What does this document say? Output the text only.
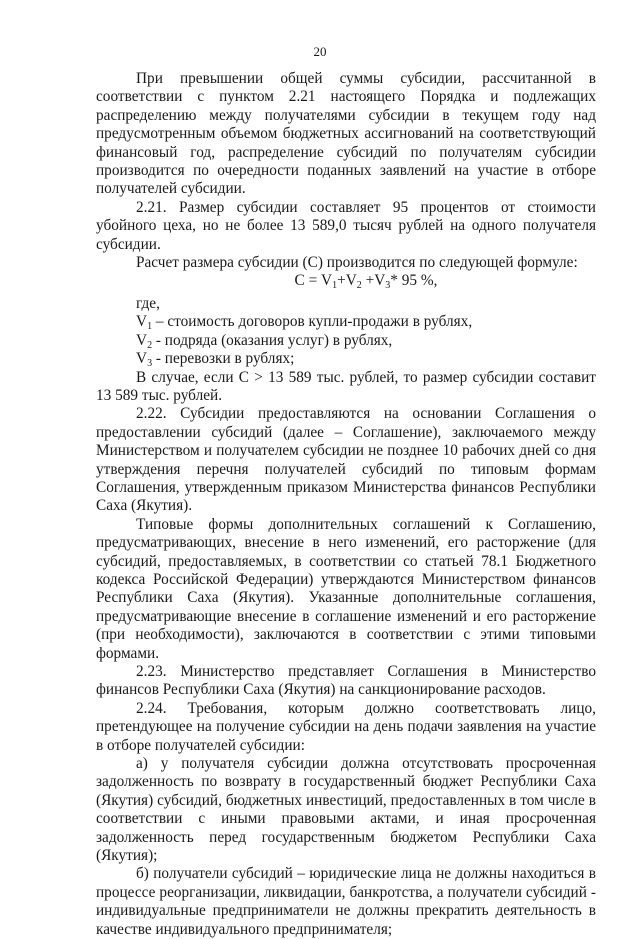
20

При превышении общей суммы субсидии, рассчитанной в соответствии с пунктом 2.21 настоящего Порядка и подлежащих распределению между получателями субсидии в текущем году над предусмотренным объемом бюджетных ассигнований на соответствующий финансовый год, распределение субсидий по получателям субсидии производится по очередности поданных заявлений на участие в отборе получателей субсидии.

2.21. Размер субсидии составляет 95 процентов от стоимости убойного цеха, но не более 13 589,0 тысяч рублей на одного получателя субсидии.

Расчет размера субсидии (С) производится по следующей формуле:

$С = V_1+V_2 +V_3*$ 95 %,

где,

$V_1$ – стоимость договоров купли-продажи в рублях,

$V_2$ - подряда (оказания услуг) в рублях,

$V_3$ - перевозки в рублях;

В случае, если С > 13 589 тыс. рублей, то размер субсидии составит 13 589 тыс. рублей.

2.22. Субсидии предоставляются на основании Соглашения о предоставлении субсидий (далее – Соглашение), заключаемого между Министерством и получателем субсидии не позднее 10 рабочих дней со дня утверждения перечня получателей субсидий по типовым формам Соглашения, утвержденным приказом Министерства финансов Республики Саха (Якутия).

Типовые формы дополнительных соглашений к Соглашению, предусматривающих, внесение в него изменений, его расторжение (для субсидий, предоставляемых, в соответствии со статьей 78.1 Бюджетного кодекса Российской Федерации) утверждаются Министерством финансов Республики Саха (Якутия). Указанные дополнительные соглашения, предусматривающие внесение в соглашение изменений и его расторжение (при необходимости), заключаются в соответствии с этими типовыми формами.

2.23. Министерство представляет Соглашения в Министерство финансов Республики Саха (Якутия) на санкционирование расходов.

2.24. Требования, которым должно соответствовать лицо, претендующее на получение субсидии на день подачи заявления на участие в отборе получателей субсидии:

а) у получателя субсидии должна отсутствовать просроченная задолженность по возврату в государственный бюджет Республики Саха (Якутия) субсидий, бюджетных инвестиций, предоставленных в том числе в соответствии с иными правовыми актами, и иная просроченная задолженность перед государственным бюджетом Республики Саха (Якутия);

б) получатели субсидий – юридические лица не должны находиться в процессе реорганизации, ликвидации, банкротства, а получатели субсидий - индивидуальные предприниматели не должны прекратить деятельность в качестве индивидуального предпринимателя;
